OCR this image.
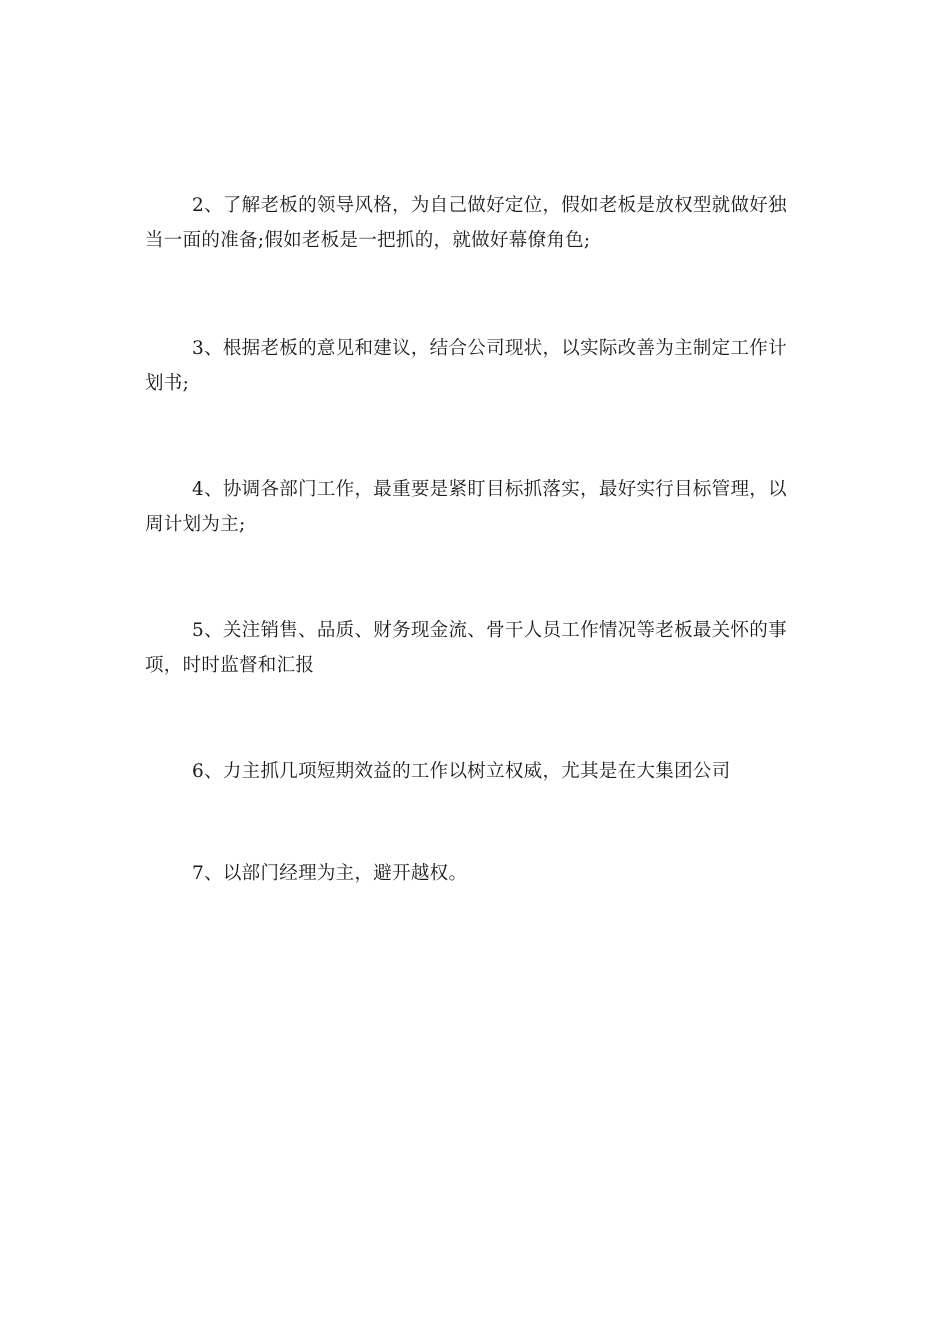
2、了解老板的领导风格，为自己做好定位，假如老板是放权型就做好独当一面的准备;假如老板是一把抓的，就做好幕僚角色;

3、根据老板的意见和建议，结合公司现状，以实际改善为主制定工作计划书;

4、协调各部门工作，最重要是紧盯目标抓落实，最好实行目标管理，以周计划为主;

5、关注销售、品质、财务现金流、骨干人员工作情况等老板最关怀的事项，时时监督和汇报

6、力主抓几项短期效益的工作以树立权威，尤其是在大集团公司

7、以部门经理为主，避开越权。
